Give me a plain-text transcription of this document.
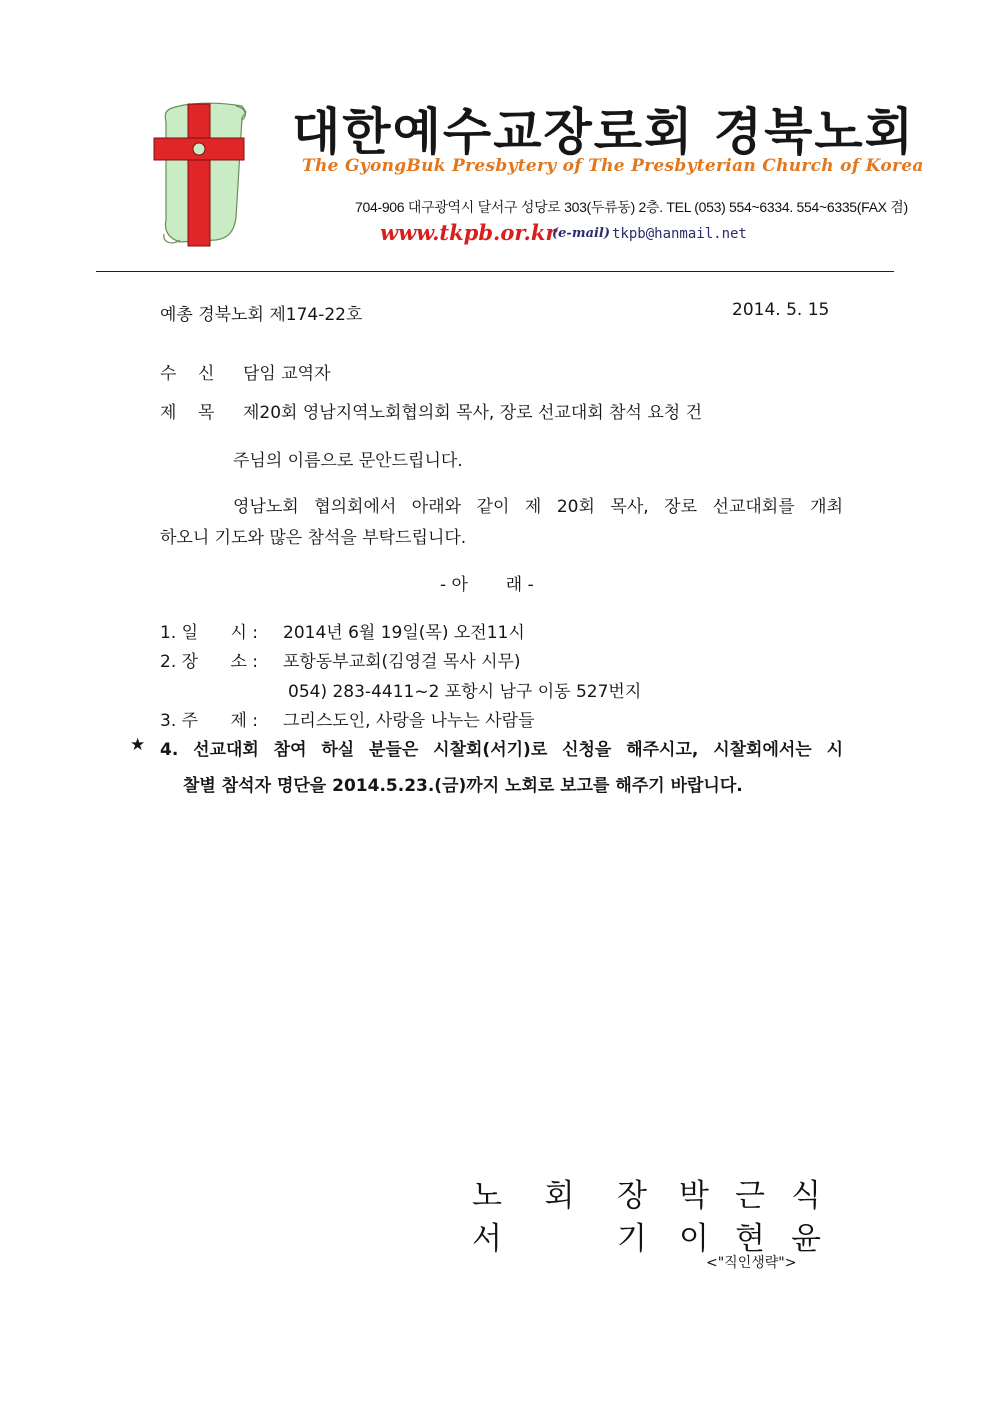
대한예수교장로회 경북노회
The GyongBuk Presbytery of The Presbyterian Church of Korea
704-906 대구광역시 달서구 성당로 303(두류동) 2층. TEL (053) 554~6334. 554~6335(FAX 겸)
www.tkpb.or.kr
(e-mail) tkpb@hanmail.net
예총 경북노회 제174-22호	2014. 5. 15
수    신 담임 교역자
제    목 제20회 영남지역노회협의회 목사, 장로 선교대회 참석 요청 건
주님의 이름으로 문안드립니다.
영남노회 협의회에서 아래와 같이 제 20회 목사, 장로 선교대회를 개최
하오니 기도와 많은 참석을 부탁드립니다.
- 아       래 -
1. 일      시 : 2014년 6월 19일(목) 오전11시
2. 장      소 : 포항동부교회(김영걸 목사 시무)
054) 283-4411~2 포항시 남구 이동 527번지
3. 주      제 : 그리스도인, 사랑을 나누는 사람들
★ 4. 선교대회 참여 하실 분들은 시찰회(서기)로 신청을 해주시고, 시찰회에서는 시
찰별 참석자 명단을 2014.5.23.(금)까지 노회로 보고를 해주기 바랍니다.
노 회 장 박 근 식
서	기 이 현 윤
<"직인생략">
